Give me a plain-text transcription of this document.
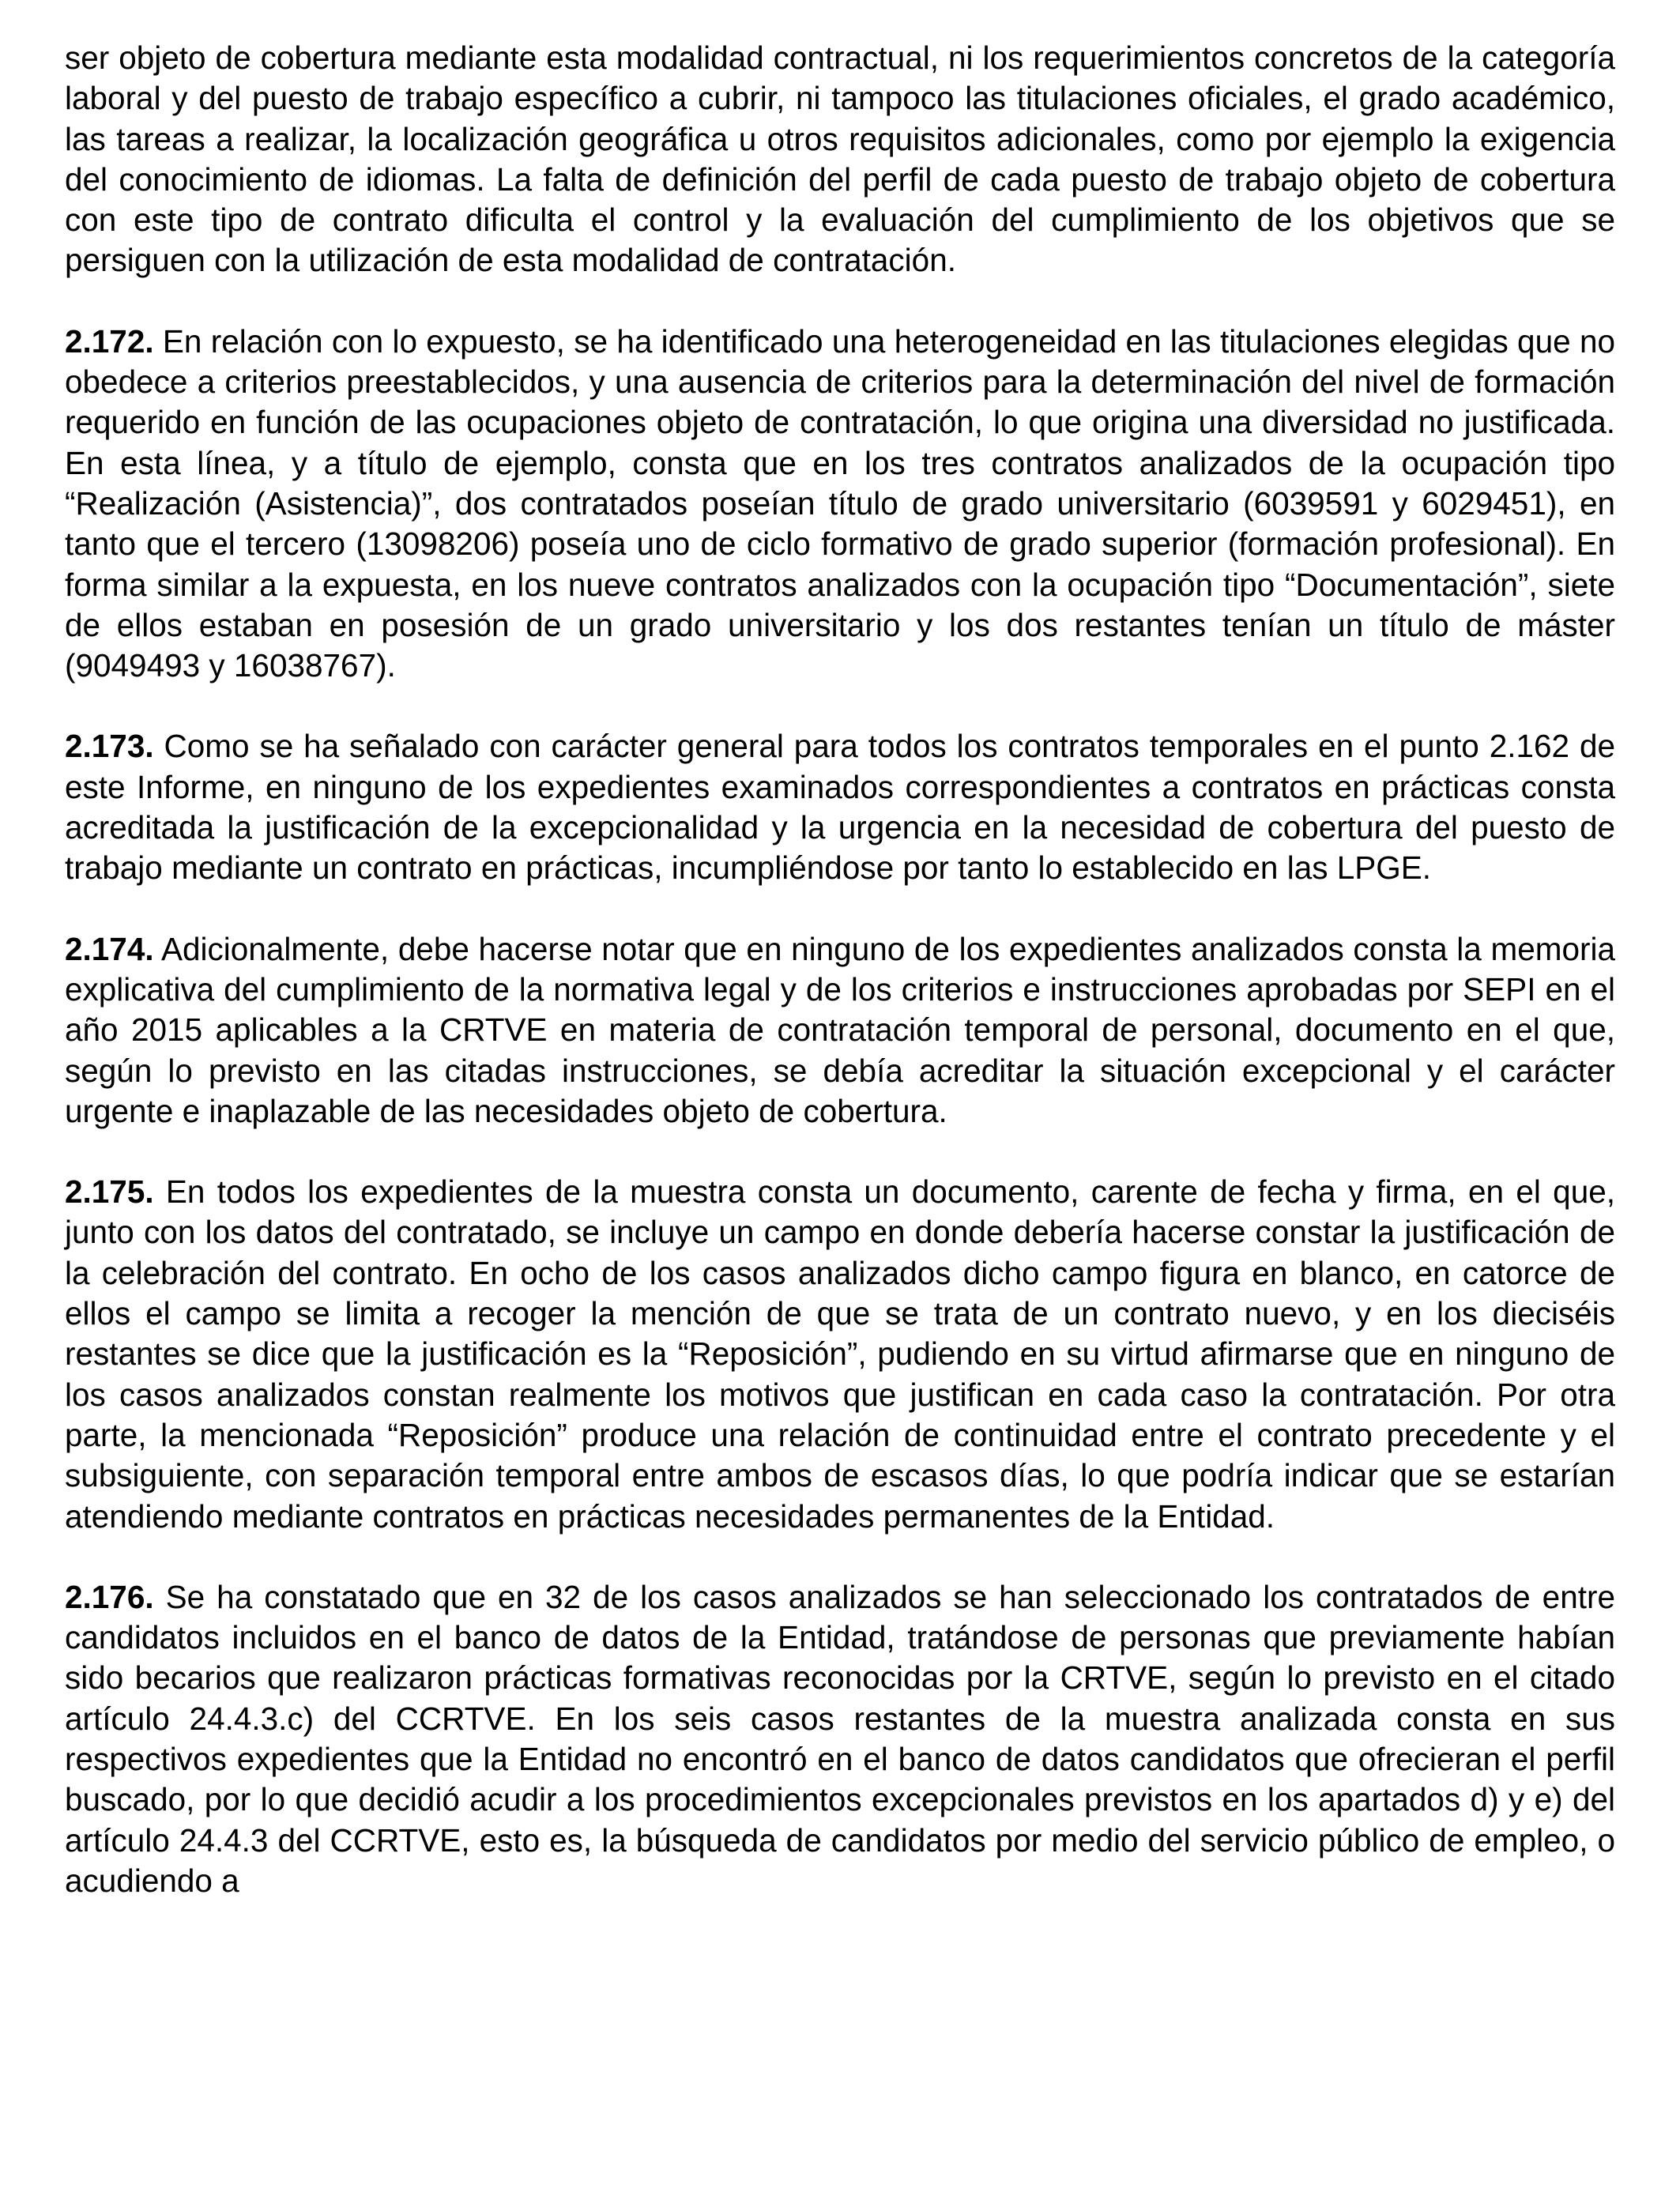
ser objeto de cobertura mediante esta modalidad contractual, ni los requerimientos concretos de la categoría laboral y del puesto de trabajo específico a cubrir, ni tampoco las titulaciones oficiales, el grado académico, las tareas a realizar, la localización geográfica u otros requisitos adicionales, como por ejemplo la exigencia del conocimiento de idiomas. La falta de definición del perfil de cada puesto de trabajo objeto de cobertura con este tipo de contrato dificulta el control y la evaluación del cumplimiento de los objetivos que se persiguen con la utilización de esta modalidad de contratación.

2.172. En relación con lo expuesto, se ha identificado una heterogeneidad en las titulaciones elegidas que no obedece a criterios preestablecidos, y una ausencia de criterios para la determinación del nivel de formación requerido en función de las ocupaciones objeto de contratación, lo que origina una diversidad no justificada. En esta línea, y a título de ejemplo, consta que en los tres contratos analizados de la ocupación tipo “Realización (Asistencia)”, dos contratados poseían título de grado universitario (6039591 y 6029451), en tanto que el tercero (13098206) poseía uno de ciclo formativo de grado superior (formación profesional). En forma similar a la expuesta, en los nueve contratos analizados con la ocupación tipo “Documentación”, siete de ellos estaban en posesión de un grado universitario y los dos restantes tenían un título de máster (9049493 y 16038767).

2.173. Como se ha señalado con carácter general para todos los contratos temporales en el punto 2.162 de este Informe, en ninguno de los expedientes examinados correspondientes a contratos en prácticas consta acreditada la justificación de la excepcionalidad y la urgencia en la necesidad de cobertura del puesto de trabajo mediante un contrato en prácticas, incumpliéndose por tanto lo establecido en las LPGE.

2.174. Adicionalmente, debe hacerse notar que en ninguno de los expedientes analizados consta la memoria explicativa del cumplimiento de la normativa legal y de los criterios e instrucciones aprobadas por SEPI en el año 2015 aplicables a la CRTVE en materia de contratación temporal de personal, documento en el que, según lo previsto en las citadas instrucciones, se debía acreditar la situación excepcional y el carácter urgente e inaplazable de las necesidades objeto de cobertura.

2.175. En todos los expedientes de la muestra consta un documento, carente de fecha y firma, en el que, junto con los datos del contratado, se incluye un campo en donde debería hacerse constar la justificación de la celebración del contrato. En ocho de los casos analizados dicho campo figura en blanco, en catorce de ellos el campo se limita a recoger la mención de que se trata de un contrato nuevo, y en los dieciséis restantes se dice que la justificación es la “Reposición”, pudiendo en su virtud afirmarse que en ninguno de los casos analizados constan realmente los motivos que justifican en cada caso la contratación. Por otra parte, la mencionada “Reposición” produce una relación de continuidad entre el contrato precedente y el subsiguiente, con separación temporal entre ambos de escasos días, lo que podría indicar que se estarían atendiendo mediante contratos en prácticas necesidades permanentes de la Entidad.

2.176. Se ha constatado que en 32 de los casos analizados se han seleccionado los contratados de entre candidatos incluidos en el banco de datos de la Entidad, tratándose de personas que previamente habían sido becarios que realizaron prácticas formativas reconocidas por la CRTVE, según lo previsto en el citado artículo 24.4.3.c) del CCRTVE. En los seis casos restantes de la muestra analizada consta en sus respectivos expedientes que la Entidad no encontró en el banco de datos candidatos que ofrecieran el perfil buscado, por lo que decidió acudir a los procedimientos excepcionales previstos en los apartados d) y e) del artículo 24.4.3 del CCRTVE, esto es, la búsqueda de candidatos por medio del servicio público de empleo, o acudiendo a
